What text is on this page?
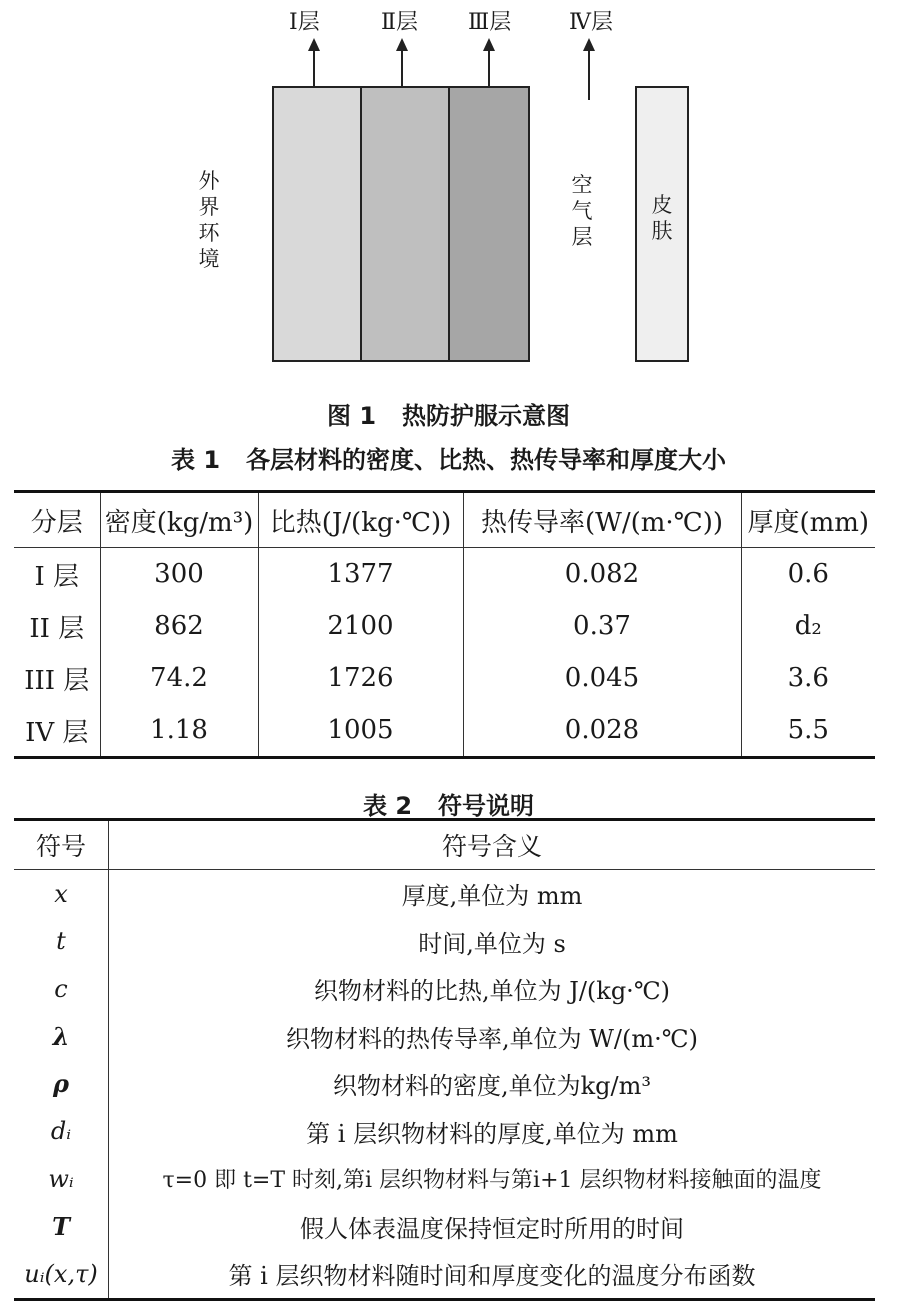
Ⅰ层	Ⅱ层 Ⅲ层	Ⅳ层
外
界
环
境
空
气
层
皮
肤
图 1 热防护服示意图
表 1 各层材料的密度、比热、热传导率和厚度大小
分层	密度(kg/m³)	比热(J/(kg·℃))	热传导率(W/(m·℃))	厚度(mm)
I 层	300	1377	0.082	0.6
II 层	862	2100	0.37	d₂
III 层	74.2	1726	0.045	3.6
IV 层	1.18	1005	0.028	5.5
表 2 符号说明
符号	符号含义
x	厚度,单位为 mm
t	时间,单位为 s
c	织物材料的比热,单位为 J/(kg·℃)
λ	织物材料的热传导率,单位为 W/(m·℃)
ρ	织物材料的密度,单位为kg/m³
dᵢ	第 i 层织物材料的厚度,单位为 mm
wᵢ	τ=0 即 t=T 时刻,第i 层织物材料与第i+1 层织物材料接触面的温度
T	假人体表温度保持恒定时所用的时间
uᵢ(x,τ)	第 i 层织物材料随时间和厚度变化的温度分布函数
